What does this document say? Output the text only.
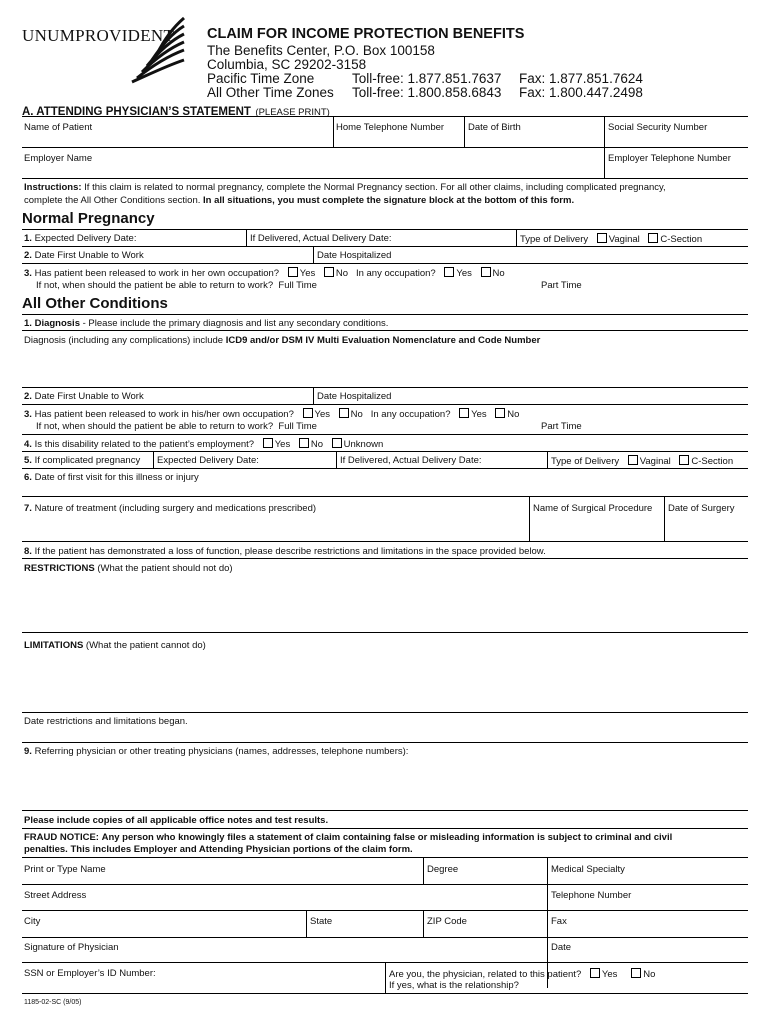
UNUMPROVIDENT CLAIM FOR INCOME PROTECTION BENEFITS
The Benefits Center, P.O. Box 100158
Columbia, SC 29202-3158
Pacific Time Zone	Toll-free: 1.877.851.7637 Fax: 1.877.851.7624
All Other Time Zones Toll-free: 1.800.858.6843 Fax: 1.800.447.2498
A. ATTENDING PHYSICIAN’S STATEMENT (PLEASE PRINT)
Name of Patient	Home Telephone Number	Date of Birth	Social Security Number
Employer Name	Employer Telephone Number
Instructions: If this claim is related to normal pregnancy, complete the Normal Pregnancy section. For all other claims, including complicated pregnancy,
complete the All Other Conditions section. In all situations, you must complete the signature block at the bottom of this form.
Normal Pregnancy
1. Expected Delivery Date:	If Delivered, Actual Delivery Date:	Type of Delivery Vaginal C-Section
2. Date First Unable to Work	Date Hospitalized
3. Has patient been released to work in her own occupation? Yes No In any occupation? Yes No
If not, when should the patient be able to return to work? Full Time	Part Time
All Other Conditions
1. Diagnosis - Please include the primary diagnosis and list any secondary conditions.
Diagnosis (including any complications) include ICD9 and/or DSM IV Multi Evaluation Nomenclature and Code Number
2. Date First Unable to Work	Date Hospitalized
3. Has patient been released to work in his/her own occupation? Yes No In any occupation? Yes No
If not, when should the patient be able to return to work? Full Time	Part Time
4. Is this disability related to the patient’s employment? Yes No Unknown
5. If complicated pregnancy Expected Delivery Date:	If Delivered, Actual Delivery Date:	Type of Delivery Vaginal C-Section
6. Date of first visit for this illness or injury
7. Nature of treatment (including surgery and medications prescribed)	Name of Surgical Procedure Date of Surgery
8. If the patient has demonstrated a loss of function, please describe restrictions and limitations in the space provided below.
RESTRICTIONS (What the patient should not do)
LIMITATIONS (What the patient cannot do)
Date restrictions and limitations began.
9. Referring physician or other treating physicians (names, addresses, telephone numbers):
Please include copies of all applicable office notes and test results.
FRAUD NOTICE: Any person who knowingly files a statement of claim containing false or misleading information is subject to criminal and civil
penalties. This includes Employer and Attending Physician portions of the claim form.
Print or Type Name	Degree	Medical Specialty
Street Address	Telephone Number
City	State	ZIP Code	Fax
Signature of Physician	Date
SSN or Employer’s ID Number:	Are you, the physician, related to this patient? Yes	No
If yes, what is the relationship?
1185-02-SC (9/05)
